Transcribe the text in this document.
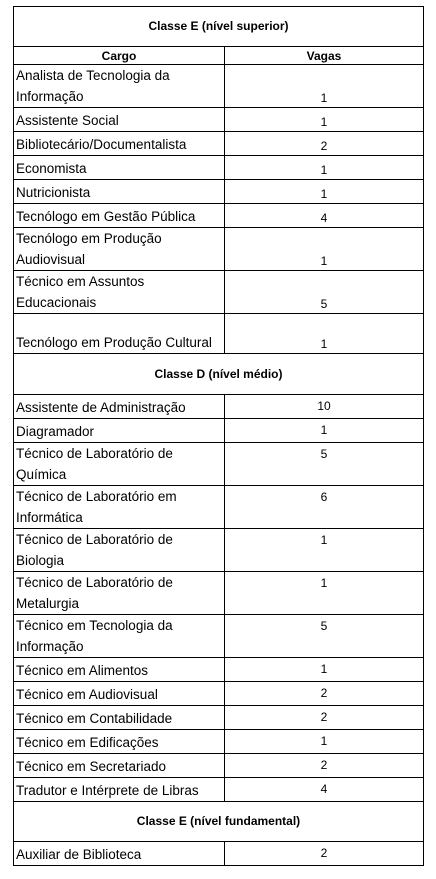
Classe E (nível superior)	
Cargo	Vagas
Analista de Tecnologia da Informação	1
Assistente Social	1
Bibliotecário/Documentalista	2
Economista	1
Nutricionista	1
Tecnólogo em Gestão Pública	4
Tecnólogo em Produção Audiovisual	1
Técnico em Assuntos Educacionais	5
Tecnólogo em Produção Cultural	1
Classe D (nível médio)	
Assistente de Administração	10
Diagramador	1
Técnico de Laboratório de Química	5
Técnico de Laboratório em Informática	6
Técnico de Laboratório de Biologia	1
Técnico de Laboratório de Metalurgia	1
Técnico em Tecnologia da Informação	5
Técnico em Alimentos	1
Técnico em Audiovisual	2
Técnico em Contabilidade	2
Técnico em Edificações	1
Técnico em Secretariado	2
Tradutor e Intérprete de Libras	4
Classe E (nível fundamental)	
Auxiliar de Biblioteca	2
